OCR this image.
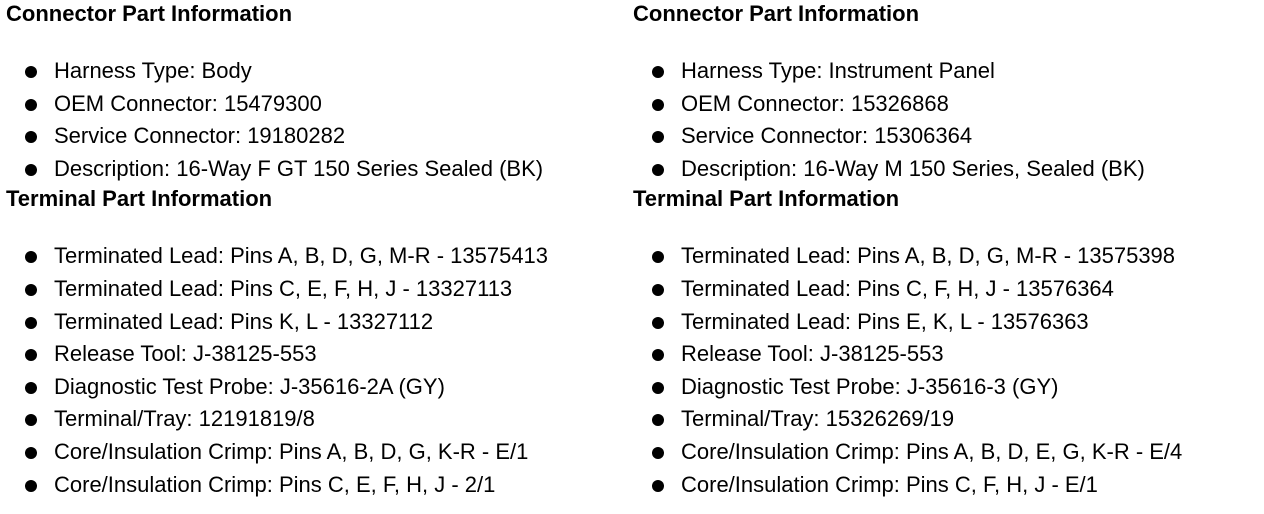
Connector Part Information
Harness Type: Body
OEM Connector: 15479300
Service Connector: 19180282
Description: 16-Way F GT 150 Series Sealed (BK)
Terminal Part Information
Terminated Lead: Pins A, B, D, G, M-R - 13575413
Terminated Lead: Pins C, E, F, H, J - 13327113
Terminated Lead: Pins K, L - 13327112
Release Tool: J-38125-553
Diagnostic Test Probe: J-35616-2A (GY)
Terminal/Tray: 12191819/8
Core/Insulation Crimp: Pins A, B, D, G, K-R - E/1
Core/Insulation Crimp: Pins C, E, F, H, J - 2/1
Connector Part Information
Harness Type: Instrument Panel
OEM Connector: 15326868
Service Connector: 15306364
Description: 16-Way M 150 Series, Sealed (BK)
Terminal Part Information
Terminated Lead: Pins A, B, D, G, M-R - 13575398
Terminated Lead: Pins C, F, H, J - 13576364
Terminated Lead: Pins E, K, L - 13576363
Release Tool: J-38125-553
Diagnostic Test Probe: J-35616-3 (GY)
Terminal/Tray: 15326269/19
Core/Insulation Crimp: Pins A, B, D, E, G, K-R - E/4
Core/Insulation Crimp: Pins C, F, H, J - E/1
